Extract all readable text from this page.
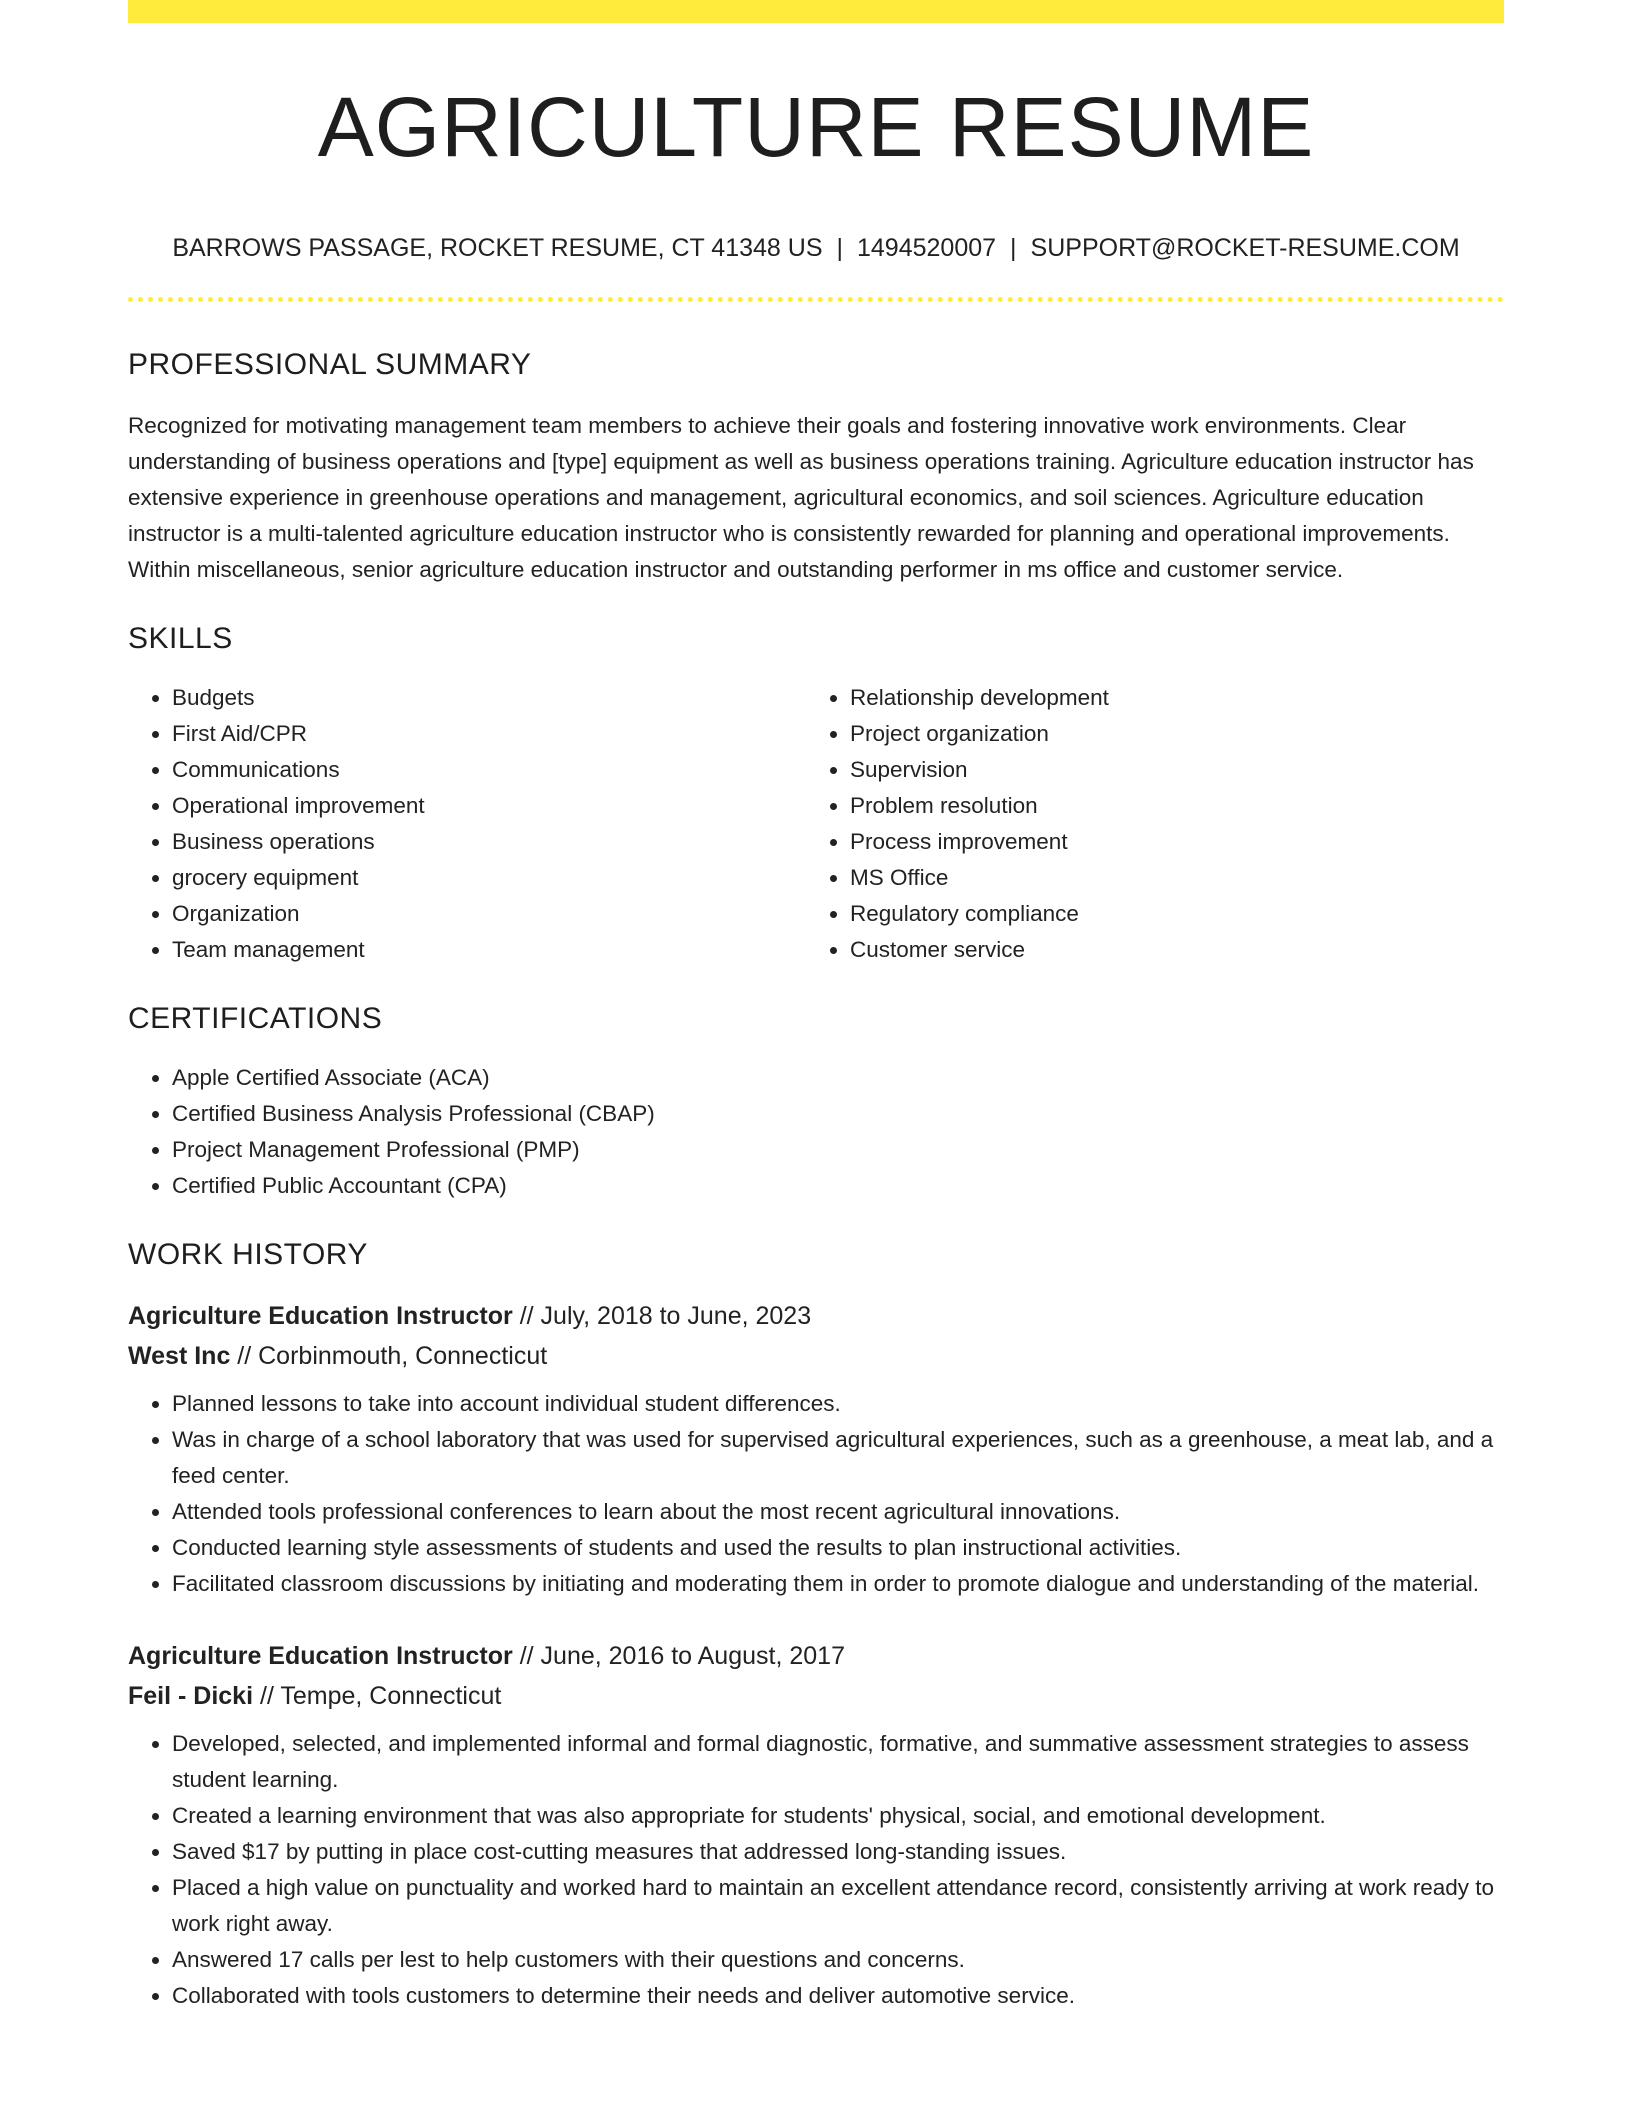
AGRICULTURE RESUME
BARROWS PASSAGE, ROCKET RESUME, CT 41348 US | 1494520007 | SUPPORT@ROCKET-RESUME.COM
PROFESSIONAL SUMMARY
Recognized for motivating management team members to achieve their goals and fostering innovative work environments. Clear understanding of business operations and [type] equipment as well as business operations training. Agriculture education instructor has extensive experience in greenhouse operations and management, agricultural economics, and soil sciences. Agriculture education instructor is a multi-talented agriculture education instructor who is consistently rewarded for planning and operational improvements. Within miscellaneous, senior agriculture education instructor and outstanding performer in ms office and customer service.
SKILLS
• Budgets
• First Aid/CPR
• Communications
• Operational improvement
• Business operations
• grocery equipment
• Organization
• Team management
• Relationship development
• Project organization
• Supervision
• Problem resolution
• Process improvement
• MS Office
• Regulatory compliance
• Customer service
CERTIFICATIONS
• Apple Certified Associate (ACA)
• Certified Business Analysis Professional (CBAP)
• Project Management Professional (PMP)
• Certified Public Accountant (CPA)
WORK HISTORY
Agriculture Education Instructor // July, 2018 to June, 2023
West Inc // Corbinmouth, Connecticut
• Planned lessons to take into account individual student differences.
• Was in charge of a school laboratory that was used for supervised agricultural experiences, such as a greenhouse, a meat lab, and a feed center.
• Attended tools professional conferences to learn about the most recent agricultural innovations.
• Conducted learning style assessments of students and used the results to plan instructional activities.
• Facilitated classroom discussions by initiating and moderating them in order to promote dialogue and understanding of the material.
Agriculture Education Instructor // June, 2016 to August, 2017
Feil - Dicki // Tempe, Connecticut
• Developed, selected, and implemented informal and formal diagnostic, formative, and summative assessment strategies to assess student learning.
• Created a learning environment that was also appropriate for students' physical, social, and emotional development.
• Saved $17 by putting in place cost-cutting measures that addressed long-standing issues.
• Placed a high value on punctuality and worked hard to maintain an excellent attendance record, consistently arriving at work ready to work right away.
• Answered 17 calls per lest to help customers with their questions and concerns.
• Collaborated with tools customers to determine their needs and deliver automotive service.
